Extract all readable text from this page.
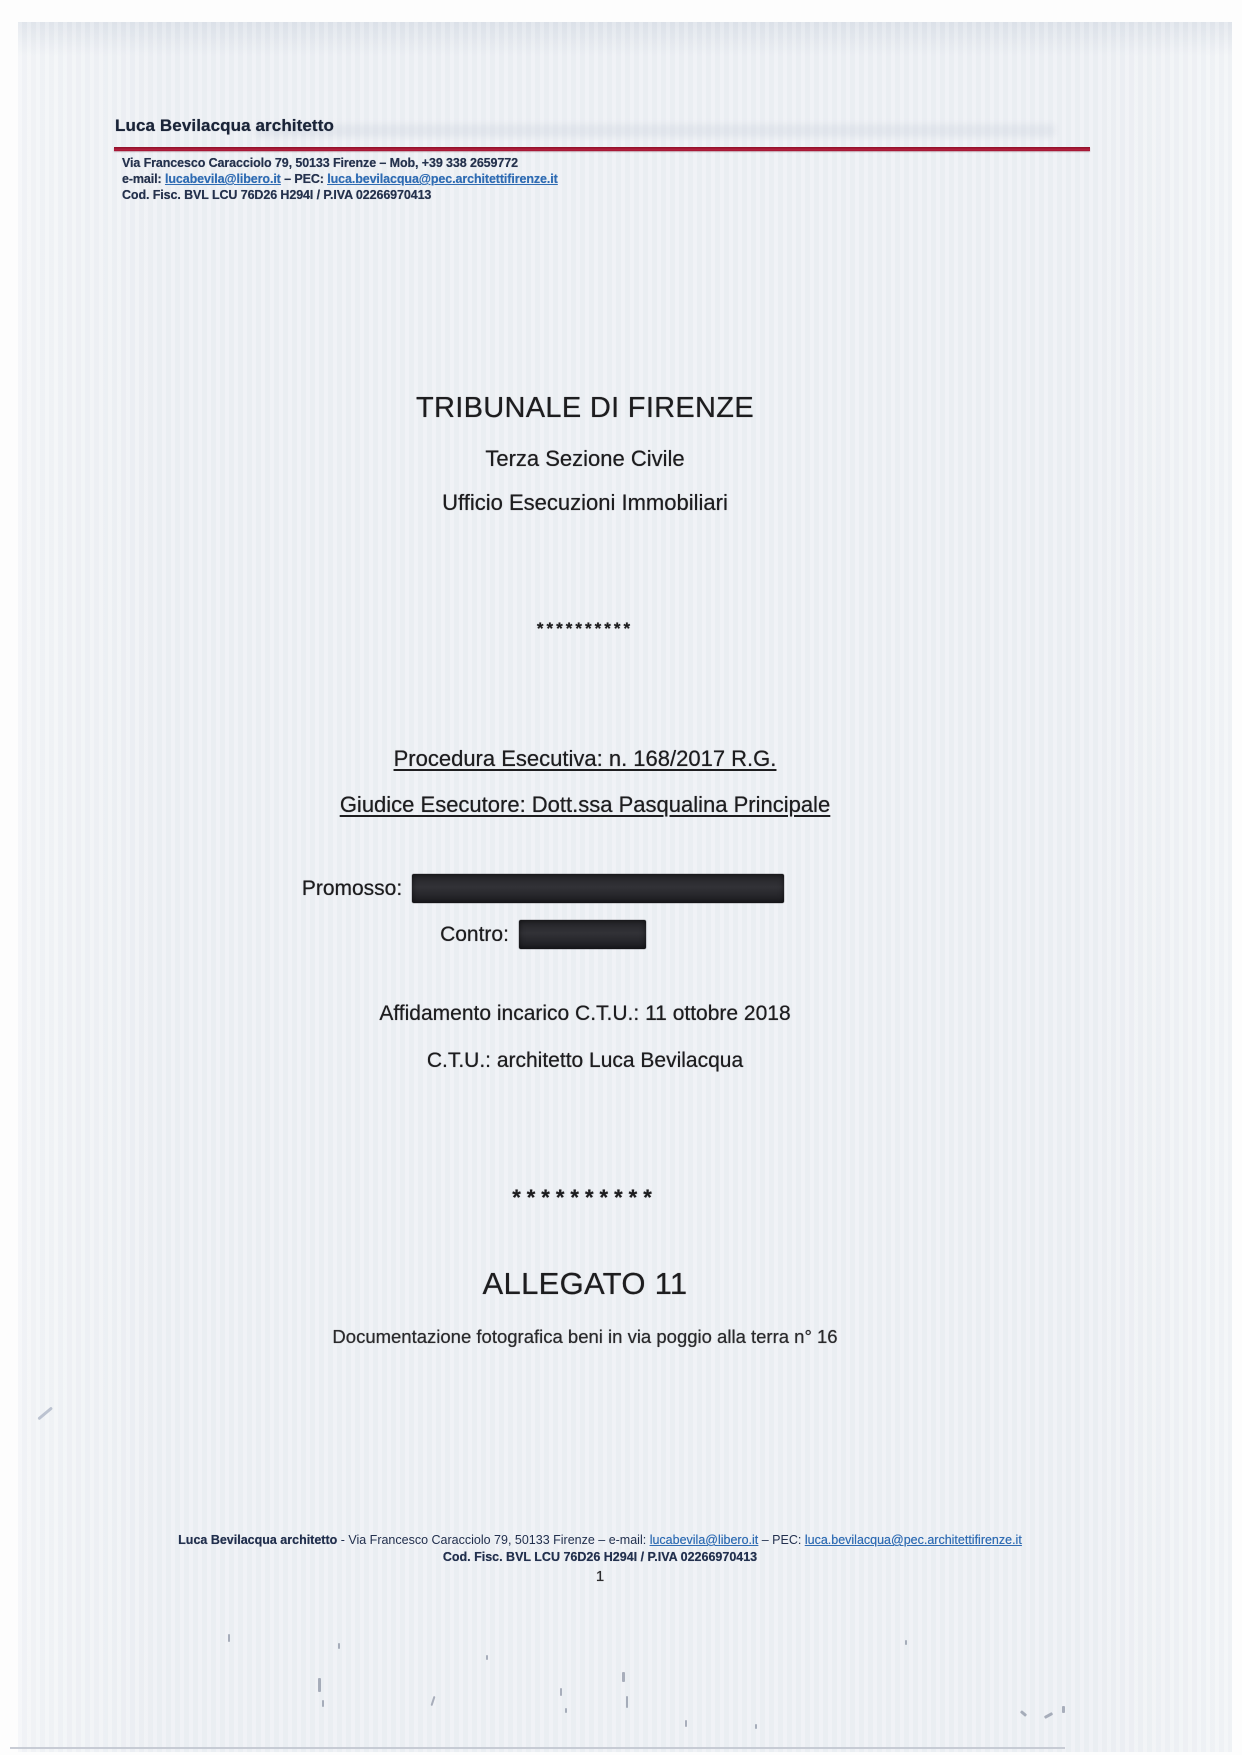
Luca Bevilacqua architetto
Via Francesco Caracciolo 79, 50133 Firenze – Mob, +39 338 2659772
e-mail: lucabevila@libero.it – PEC: luca.bevilacqua@pec.architettifirenze.it
Cod. Fisc. BVL LCU 76D26 H294I / P.IVA 02266970413
TRIBUNALE DI FIRENZE
Terza Sezione Civile
Ufficio Esecuzioni Immobiliari
**********
Procedura Esecutiva: n. 168/2017 R.G.
Giudice Esecutore: Dott.ssa Pasqualina Principale
Promosso:
Contro:
Affidamento incarico C.T.U.: 11 ottobre 2018
C.T.U.: architetto Luca Bevilacqua
**********
ALLEGATO 11
Documentazione fotografica beni in via poggio alla terra n° 16
Luca Bevilacqua architetto - Via Francesco Caracciolo 79, 50133 Firenze – e-mail: lucabevila@libero.it – PEC: luca.bevilacqua@pec.architettifirenze.it
Cod. Fisc. BVL LCU 76D26 H294I / P.IVA 02266970413
1
